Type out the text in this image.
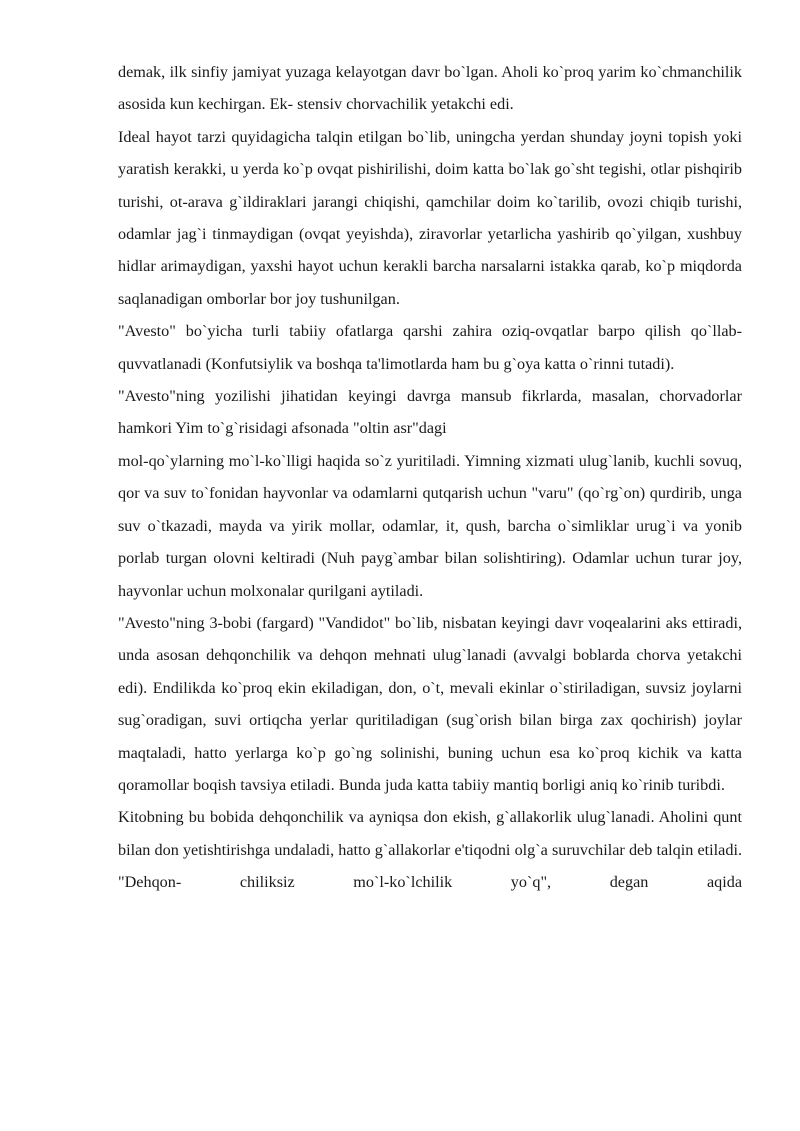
demak, ilk sinfiy jamiyat yuzaga kelayotgan davr bo`lgan. Aholi ko`proq yarim ko`chmanchilik asosida kun kechirgan. Ek- stensiv chorvachilik yetakchi edi.

Ideal hayot tarzi quyidagicha talqin etilgan bo`lib, uningcha yerdan shunday joyni topish yoki yaratish kerakki, u yerda ko`p ovqat pishirilishi, doim katta bo`lak go`sht tegishi, otlar pishqirib turishi, ot-arava g`ildiraklari jarangi chiqishi, qamchilar doim ko`tarilib, ovozi chiqib turishi, odamlar jag`i tinmaydigan (ovqat yeyishda), ziravorlar yetarlicha yashirib qo`yilgan, xushbuy hidlar arimaydigan, yaxshi hayot uchun kerakli barcha narsalarni istakka qarab, ko`p miqdorda saqlanadigan omborlar bor joy tushunilgan.

"Avesto" bo`yicha turli tabiiy ofatlarga qarshi zahira oziq-ovqatlar barpo qilish qo`llab-quvvatlanadi (Konfutsiylik va boshqa ta'limotlarda ham bu g`oya katta o`rinni tutadi).

"Avesto"ning yozilishi jihatidan keyingi davrga mansub fikrlarda, masalan, chorvadorlar hamkori Yim to`g`risidagi afsonada "oltin asr"dagi

mol-qo`ylarning mo`l-ko`lligi haqida so`z yuritiladi. Yimning xizmati ulug`lanib, kuchli sovuq, qor va suv to`fonidan hayvonlar va odamlarni qutqarish uchun "varu" (qo`rg`on) qurdirib, unga suv o`tkazadi, mayda va yirik mollar, odamlar, it, qush, barcha o`simliklar urug`i va yonib porlab turgan olovni keltiradi (Nuh payg`ambar bilan solishtiring). Odamlar uchun turar joy, hayvonlar uchun molxonalar qurilgani aytiladi.

"Avesto"ning 3-bobi (fargard) "Vandidot" bo`lib, nisbatan keyingi davr voqealarini aks ettiradi, unda asosan dehqonchilik va dehqon mehnati ulug`lanadi (avvalgi boblarda chorva yetakchi edi). Endilikda ko`proq ekin ekiladigan, don, o`t, mevali ekinlar o`stiriladigan, suvsiz joylarni sug`oradigan, suvi ortiqcha yerlar quritiladigan (sug`orish bilan birga zax qochirish) joylar maqtaladi, hatto yerlarga ko`p go`ng solinishi, buning uchun esa ko`proq kichik va katta qoramollar boqish tavsiya etiladi. Bunda juda katta tabiiy mantiq borligi aniq ko`rinib turibdi.

Kitobning bu bobida dehqonchilik va ayniqsa don ekish, g`allakorlik ulug`lanadi. Aholini qunt bilan don yetishtirishga undaladi, hatto g`allakorlar e'tiqodni olg`a suruvchilar deb talqin etiladi. "Dehqon- chiliksiz mo`l-ko`lchilik yo`q", degan aqida
